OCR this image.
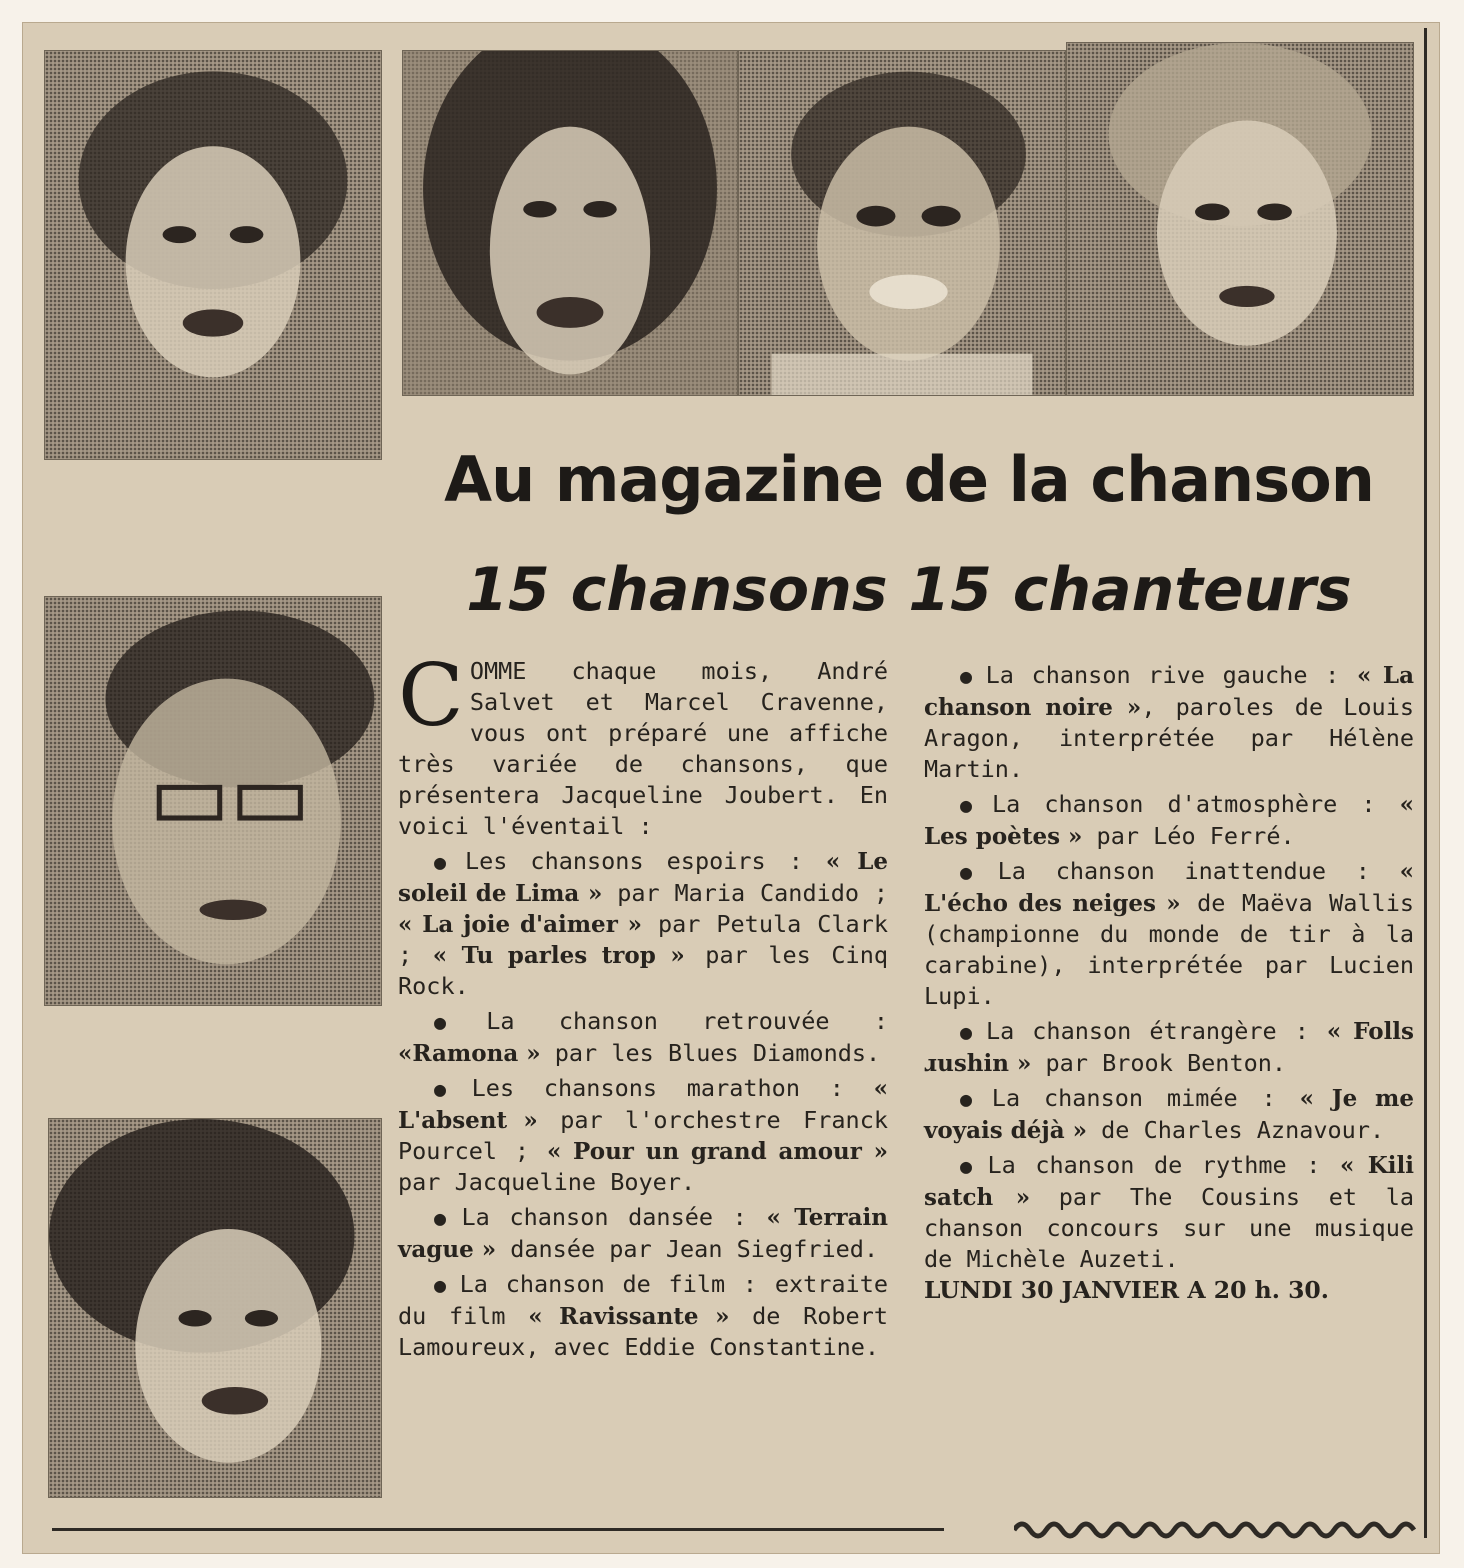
Au magazine de la chanson
15 chansons 15 chanteurs

COMME chaque mois, André Salvet et Marcel Cravenne, vous ont préparé une affiche très variée de chansons, que présentera Jacqueline Joubert. En voici l'éventail :

● Les chansons espoirs : « Le soleil de Lima » par Maria Candido ; « La joie d'aimer » par Petula Clark ; « Tu parles trop » par les Cinq Rock.

● La chanson retrouvée : «Ramona » par les Blues Diamonds.

● Les chansons marathon : « L'absent » par l'orchestre Franck Pourcel ; « Pour un grand amour » par Jacqueline Boyer.

● La chanson dansée : « Terrain vague » dansée par Jean Siegfried.

● La chanson de film : extraite du film « Ravissante » de Robert Lamoureux, avec Eddie Constantine.

● La chanson rive gauche : « La chanson noire », paroles de Louis Aragon, interprétée par Hélène Martin.

● La chanson d'atmosphère : « Les poètes » par Léo Ferré.

● La chanson inattendue : « L'écho des neiges » de Maëva Wallis (championne du monde de tir à la carabine), interprétée par Lucien Lupi.

● La chanson étrangère : « Folls ɹushin » par Brook Benton.

● La chanson mimée : « Je me voyais déjà » de Charles Aznavour.

● La chanson de rythme : « Kili satch » par The Cousins et la chanson concours sur une musique de Michèle Auzeti.

LUNDI 30 JANVIER A 20 h. 30.
